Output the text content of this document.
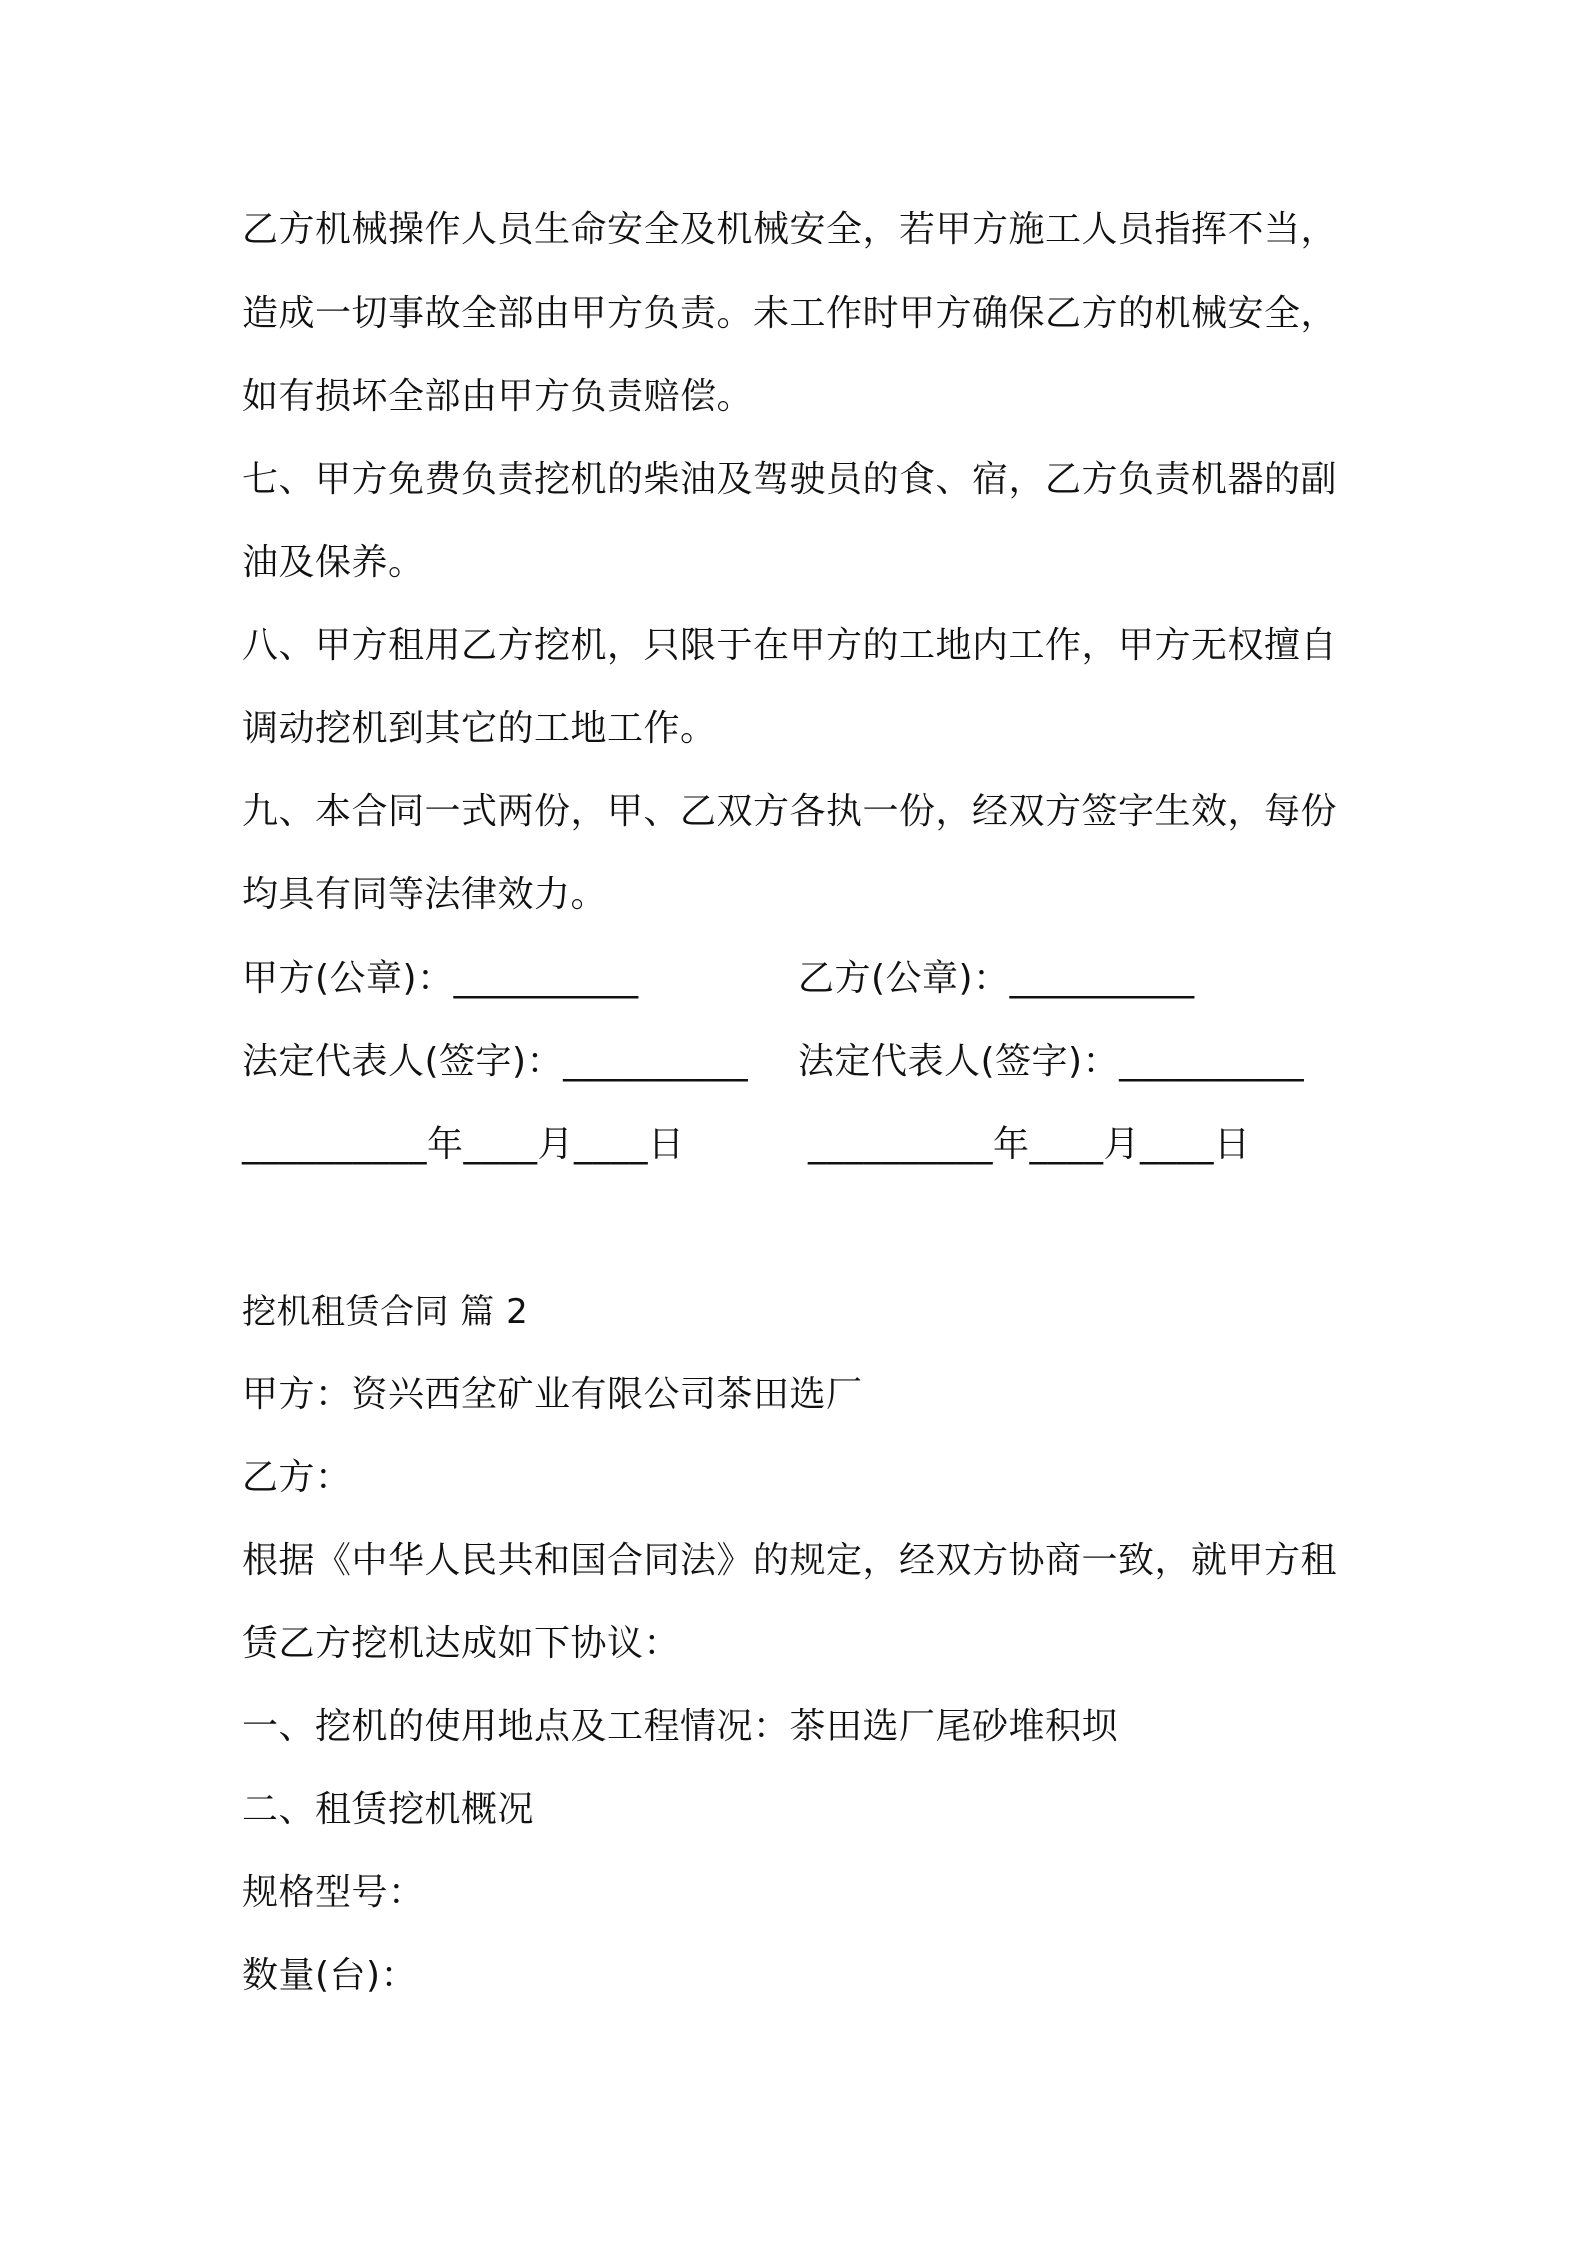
乙方机械操作人员生命安全及机械安全，若甲方施工人员指挥不当，
造成一切事故全部由甲方负责。未工作时甲方确保乙方的机械安全，
如有损坏全部由甲方负责赔偿。
七、甲方免费负责挖机的柴油及驾驶员的食、宿，乙方负责机器的副
油及保养。
八、甲方租用乙方挖机，只限于在甲方的工地内工作，甲方无权擅自
调动挖机到其它的工地工作。
九、本合同一式两份，甲、乙双方各执一份，经双方签字生效，每份
均具有同等法律效力。
甲方(公章)：__________	乙方(公章)：__________
法定代表人(签字)：__________ 法定代表人(签字)：__________
__________年____月____日	__________年____月____日
挖机租赁合同 篇 2
甲方：资兴西坌矿业有限公司茶田选厂
乙方：
根据《中华人民共和国合同法》的规定，经双方协商一致，就甲方租
赁乙方挖机达成如下协议：
一、挖机的使用地点及工程情况：茶田选厂尾砂堆积坝
二、租赁挖机概况
规格型号：
数量(台)：
